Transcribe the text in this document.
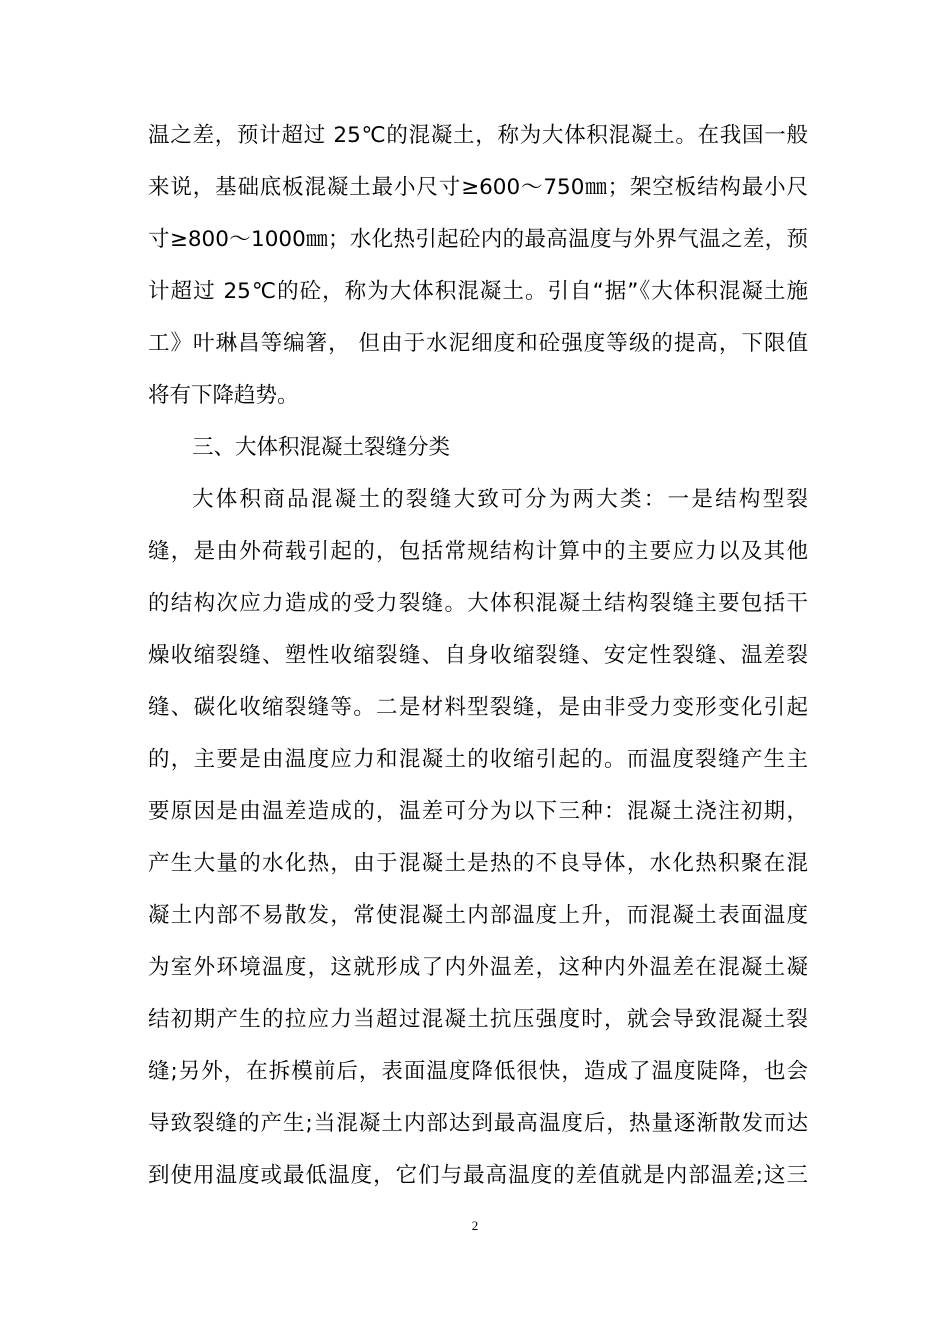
温之差，预计超过 25℃的混凝土，称为大体积混凝土。在我国一般
来说，基础底板混凝土最小尺寸≥600～750㎜；架空板结构最小尺
寸≥800～1000㎜；水化热引起砼内的最高温度与外界气温之差，预
计超过 25℃的砼，称为大体积混凝土。引自“据”《大体积混凝土施
工》叶琳昌等编箸， 但由于水泥细度和砼强度等级的提高，下限值
将有下降趋势。
三、大体积混凝土裂缝分类
大体积商品混凝土的裂缝大致可分为两大类：一是结构型裂
缝，是由外荷载引起的，包括常规结构计算中的主要应力以及其他
的结构次应力造成的受力裂缝。大体积混凝土结构裂缝主要包括干
燥收缩裂缝、塑性收缩裂缝、自身收缩裂缝、安定性裂缝、温差裂
缝、碳化收缩裂缝等。二是材料型裂缝，是由非受力变形变化引起
的，主要是由温度应力和混凝土的收缩引起的。而温度裂缝产生主
要原因是由温差造成的，温差可分为以下三种：混凝土浇注初期，
产生大量的水化热，由于混凝土是热的不良导体，水化热积聚在混
凝土内部不易散发，常使混凝土内部温度上升，而混凝土表面温度
为室外环境温度，这就形成了内外温差，这种内外温差在混凝土凝
结初期产生的拉应力当超过混凝土抗压强度时，就会导致混凝土裂
缝;另外，在拆模前后，表面温度降低很快，造成了温度陡降，也会
导致裂缝的产生;当混凝土内部达到最高温度后，热量逐渐散发而达
到使用温度或最低温度，它们与最高温度的差值就是内部温差;这三
2
